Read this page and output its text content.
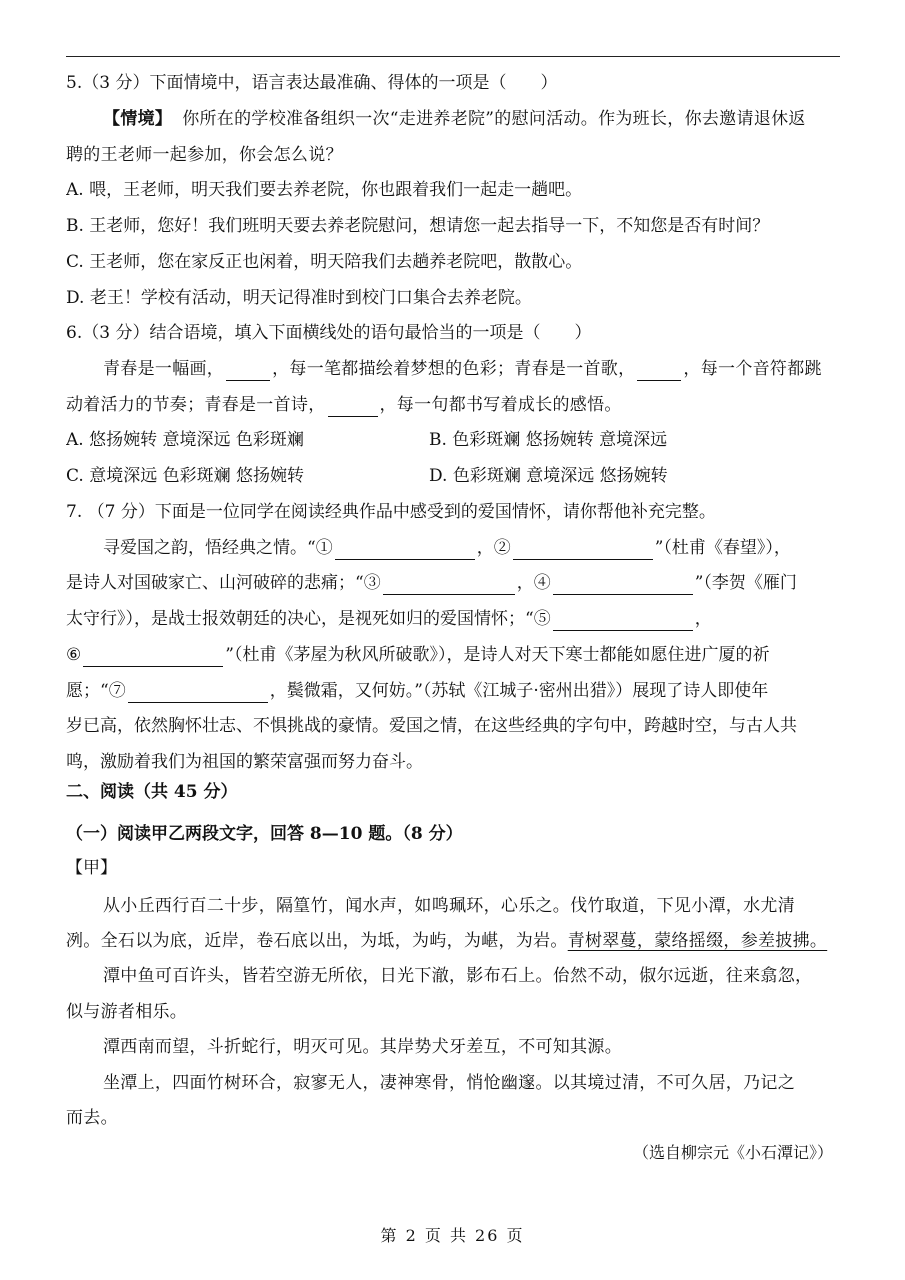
5.（3 分）下面情境中，语言表达最准确、得体的一项是（　　）
【情境】 你所在的学校准备组织一次“走进养老院”的慰问活动。作为班长，你去邀请退休返
聘的王老师一起参加，你会怎么说？
A. 喂，王老师，明天我们要去养老院，你也跟着我们一起走一趟吧。
B. 王老师，您好！我们班明天要去养老院慰问，想请您一起去指导一下，不知您是否有时间？
C. 王老师，您在家反正也闲着，明天陪我们去趟养老院吧，散散心。
D. 老王！学校有活动，明天记得准时到校门口集合去养老院。
6.（3 分）结合语境，填入下面横线处的语句最恰当的一项是（　　）
青春是一幅画，	，每一笔都描绘着梦想的色彩；青春是一首歌，	，每一个音符都跳
动着活力的节奏；青春是一首诗，	，每一句都书写着成长的感悟。
A. 悠扬婉转 意境深远 色彩斑斓	B. 色彩斑斓 悠扬婉转 意境深远
C. 意境深远 色彩斑斓 悠扬婉转	D. 色彩斑斓 意境深远 悠扬婉转
7. （7 分）下面是一位同学在阅读经典作品中感受到的爱国情怀，请你帮他补充完整。
寻爱国之韵，悟经典之情。“①	，②	”（杜甫《春望》），
是诗人对国破家亡、山河破碎的悲痛；“③	，④	”（李贺《雁门
太守行》），是战士报效朝廷的决心，是视死如归的爱国情怀；“⑤	，
⑥	”（杜甫《茅屋为秋风所破歌》），是诗人对天下寒士都能如愿住进广厦的祈
愿；“⑦	，鬓微霜，又何妨。”（苏轼《江城子·密州出猎》）展现了诗人即使年
岁已高，依然胸怀壮志、不惧挑战的豪情。爱国之情，在这些经典的字句中，跨越时空，与古人共
鸣，激励着我们为祖国的繁荣富强而努力奋斗。
二、阅读（共 45 分）
（一）阅读甲乙两段文字，回答 8—10 题。（8 分）
【甲】
从小丘西行百二十步，隔篁竹，闻水声，如鸣珮环，心乐之。伐竹取道，下见小潭，水尤清
冽。全石以为底，近岸，卷石底以出，为坻，为屿，为嵁，为岩。青树翠蔓，蒙络摇缀，参差披拂。
潭中鱼可百许头，皆若空游无所依，日光下澈，影布石上。佁然不动，俶尔远逝，往来翕忽，
似与游者相乐。
潭西南而望，斗折蛇行，明灭可见。其岸势犬牙差互，不可知其源。
坐潭上，四面竹树环合，寂寥无人，凄神寒骨，悄怆幽邃。以其境过清，不可久居，乃记之
而去。
（选自柳宗元《小石潭记》）
第 2 页 共 26 页
